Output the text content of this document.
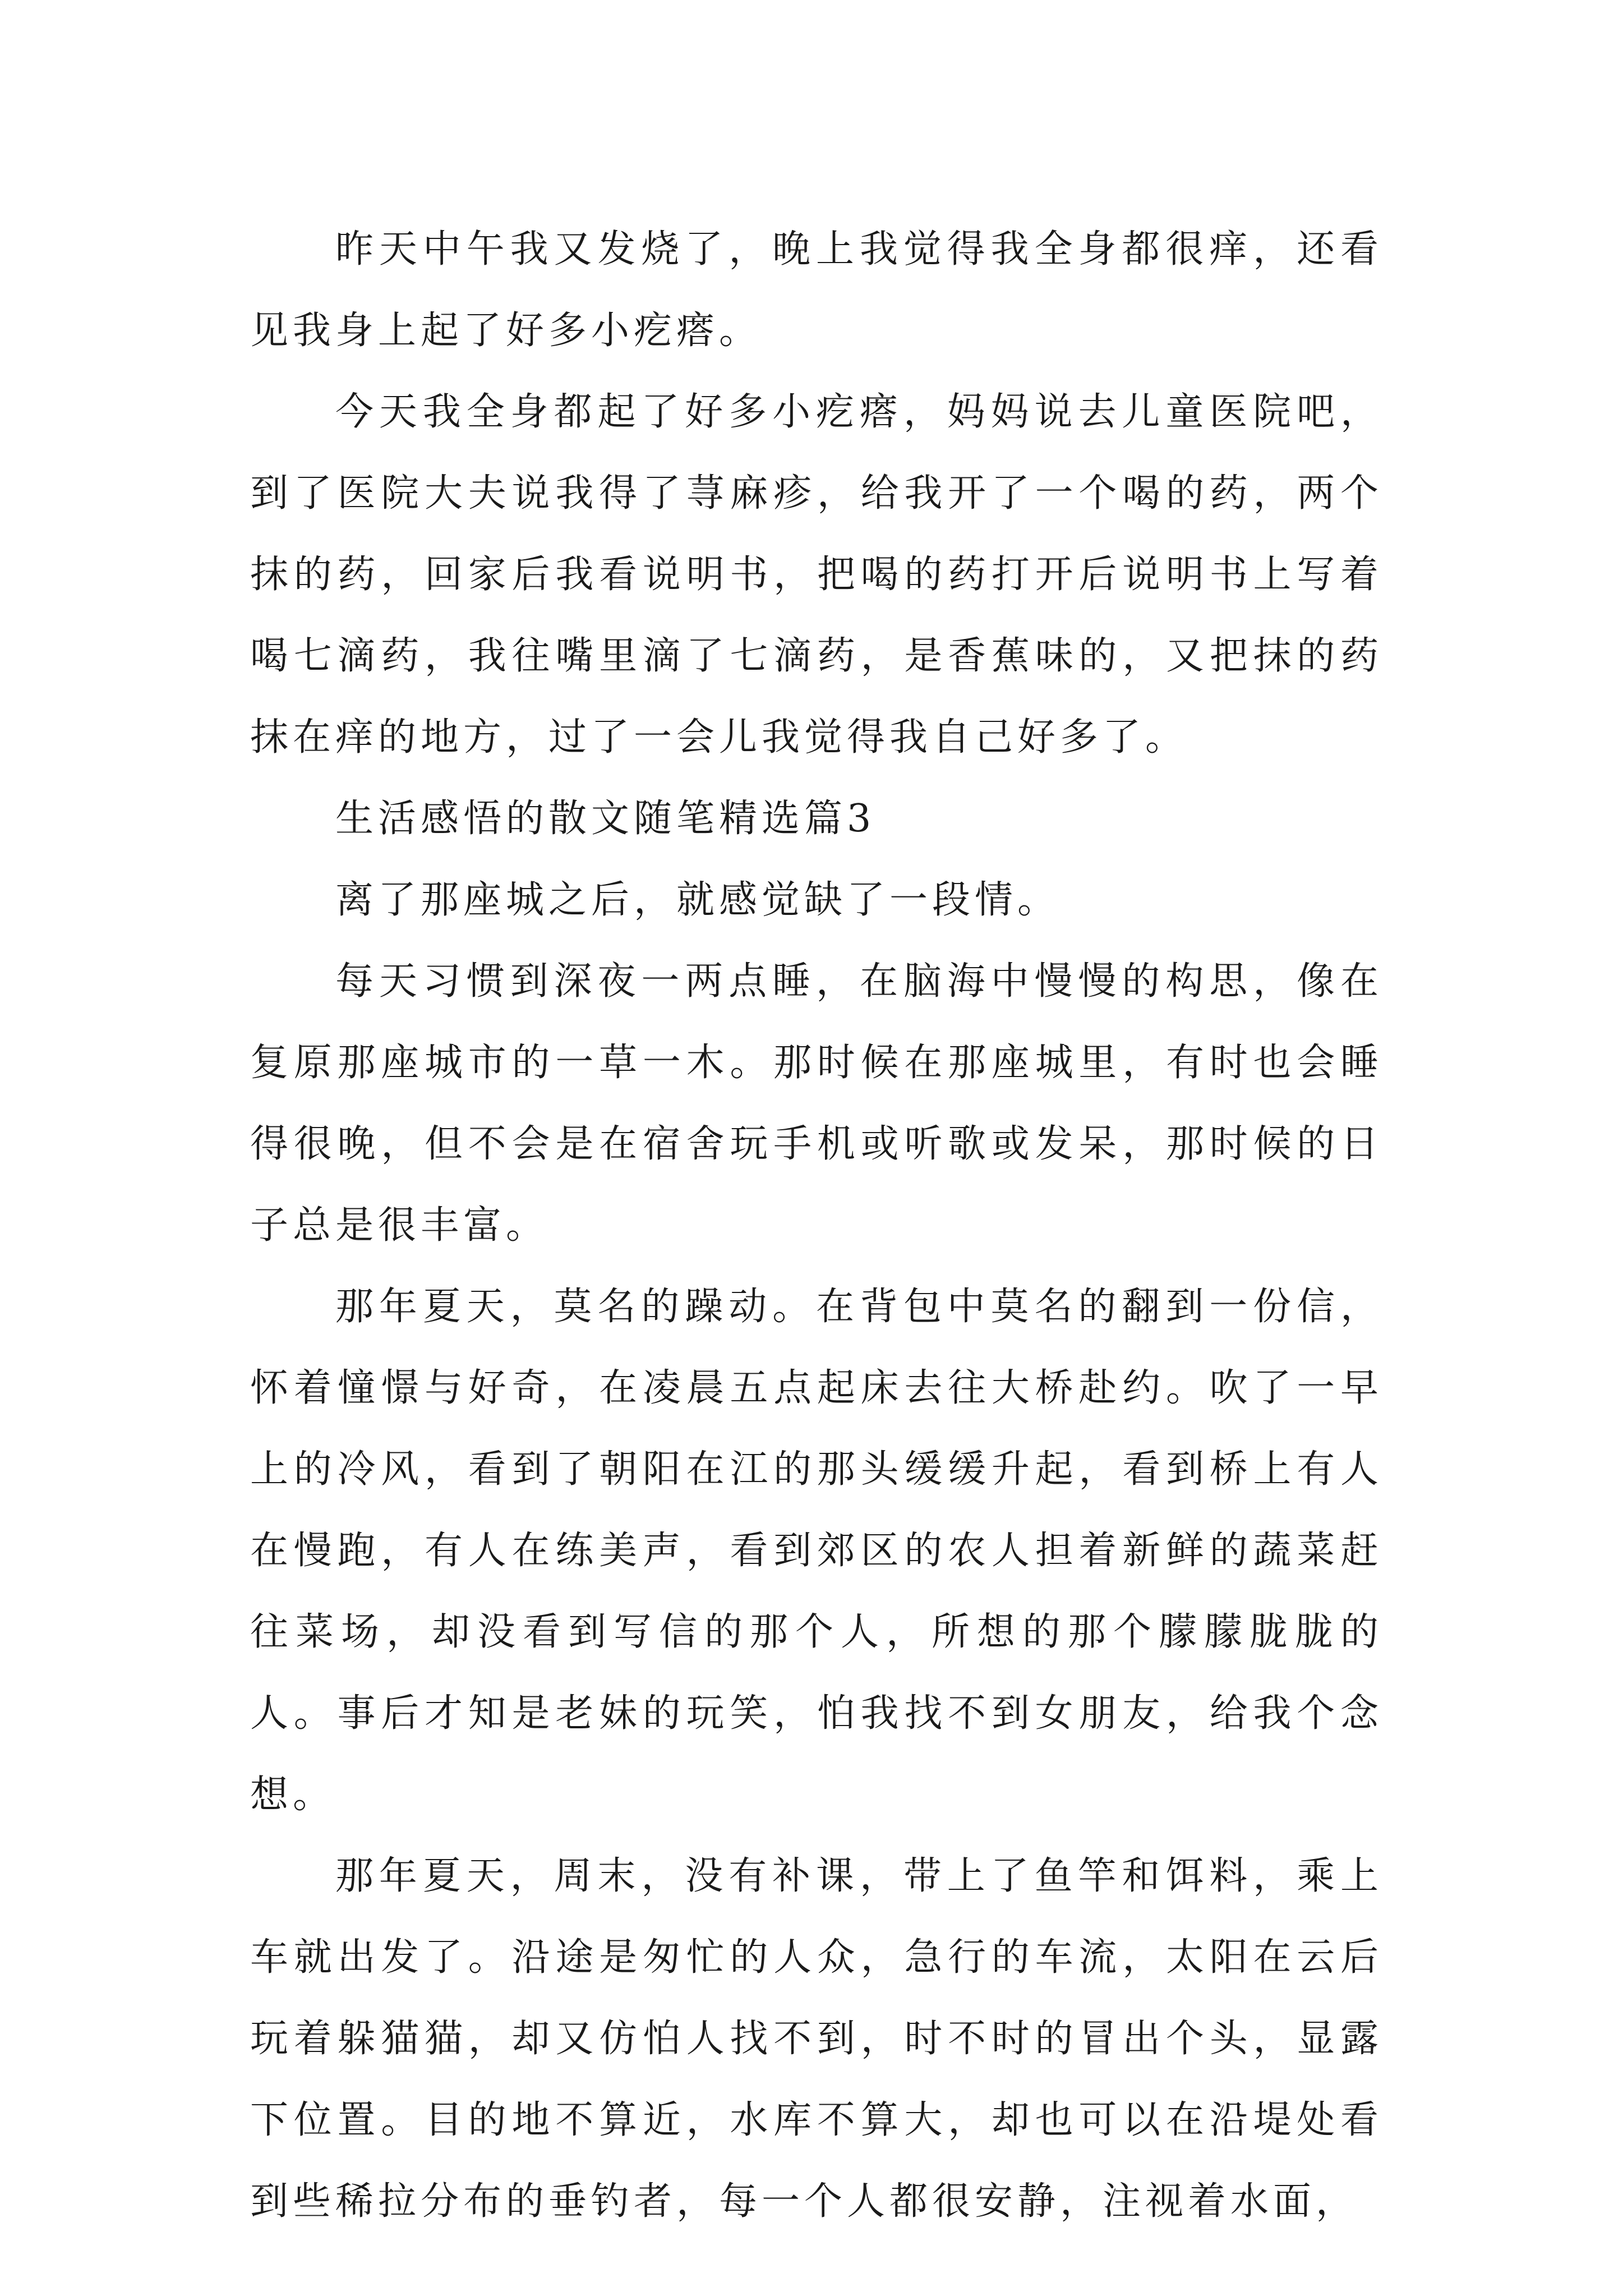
昨天中午我又发烧了，晚上我觉得我全身都很痒，还看见我身上起了好多小疙瘩。

今天我全身都起了好多小疙瘩，妈妈说去儿童医院吧，到了医院大夫说我得了荨麻疹，给我开了一个喝的药，两个抹的药，回家后我看说明书，把喝的药打开后说明书上写着喝七滴药，我往嘴里滴了七滴药，是香蕉味的，又把抹的药抹在痒的地方，过了一会儿我觉得我自己好多了。

生活感悟的散文随笔精选篇3

离了那座城之后，就感觉缺了一段情。

每天习惯到深夜一两点睡，在脑海中慢慢的构思，像在复原那座城市的一草一木。那时候在那座城里，有时也会睡得很晚，但不会是在宿舍玩手机或听歌或发呆，那时候的日子总是很丰富。

那年夏天，莫名的躁动。在背包中莫名的翻到一份信，怀着憧憬与好奇，在凌晨五点起床去往大桥赴约。吹了一早上的冷风，看到了朝阳在江的那头缓缓升起，看到桥上有人在慢跑，有人在练美声，看到郊区的农人担着新鲜的蔬菜赶往菜场，却没看到写信的那个人，所想的那个朦朦胧胧的人。事后才知是老妹的玩笑，怕我找不到女朋友，给我个念想。

那年夏天，周末，没有补课，带上了鱼竿和饵料，乘上车就出发了。沿途是匆忙的人众，急行的车流，太阳在云后玩着躲猫猫，却又仿怕人找不到，时不时的冒出个头，显露下位置。目的地不算近，水库不算大，却也可以在沿堤处看到些稀拉分布的垂钓者，每一个人都很安静，注视着水面，
